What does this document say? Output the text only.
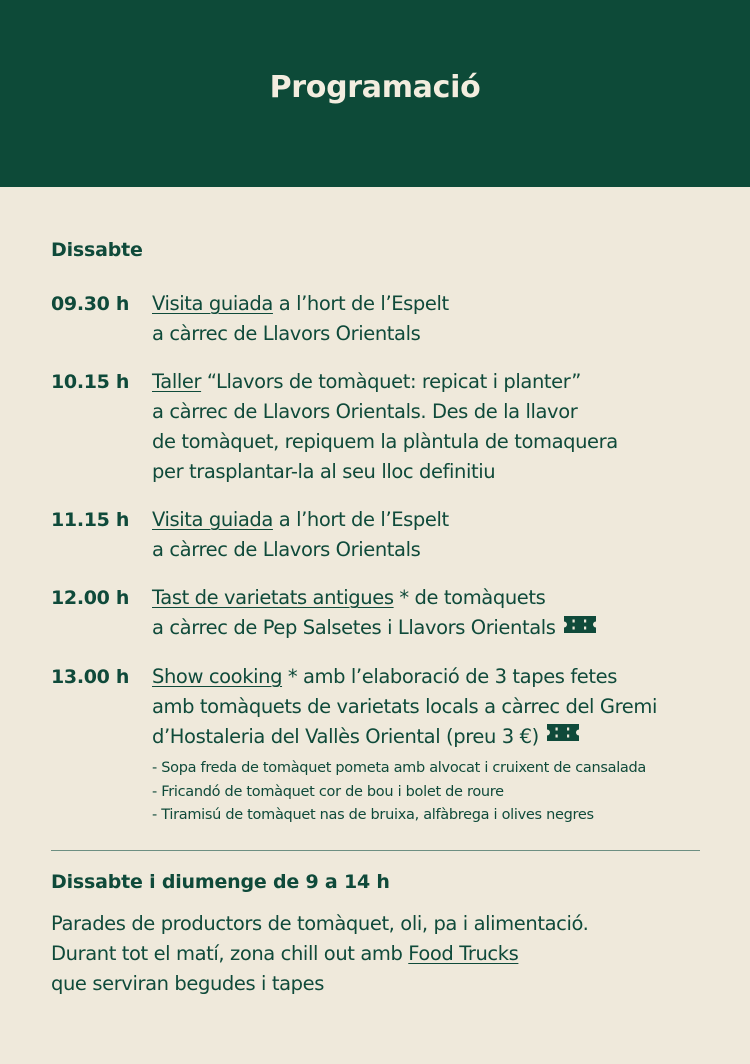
Programació
Dissabte
09.30 h	Visita guiada a l’hort de l’Espelt
a càrrec de Llavors Orientals
10.15 h	Taller “Llavors de tomàquet: repicat i planter”
a càrrec de Llavors Orientals. Des de la llavor
de tomàquet, repiquem la plàntula de tomaquera
per trasplantar-la al seu lloc definitiu
11.15 h	Visita guiada a l’hort de l’Espelt
a càrrec de Llavors Orientals
12.00 h	Tast de varietats antigues * de tomàquets
a càrrec de Pep Salsetes i Llavors Orientals
13.00 h	Show cooking * amb l’elaboració de 3 tapes fetes
amb tomàquets de varietats locals a càrrec del Gremi
d’Hostaleria del Vallès Oriental (preu 3 €)
- Sopa freda de tomàquet pometa amb alvocat i cruixent de cansalada
- Fricandó de tomàquet cor de bou i bolet de roure
- Tiramisú de tomàquet nas de bruixa, alfàbrega i olives negres
Dissabte i diumenge de 9 a 14 h
Parades de productors de tomàquet, oli, pa i alimentació.
Durant tot el matí, zona chill out amb Food Trucks
que serviran begudes i tapes
